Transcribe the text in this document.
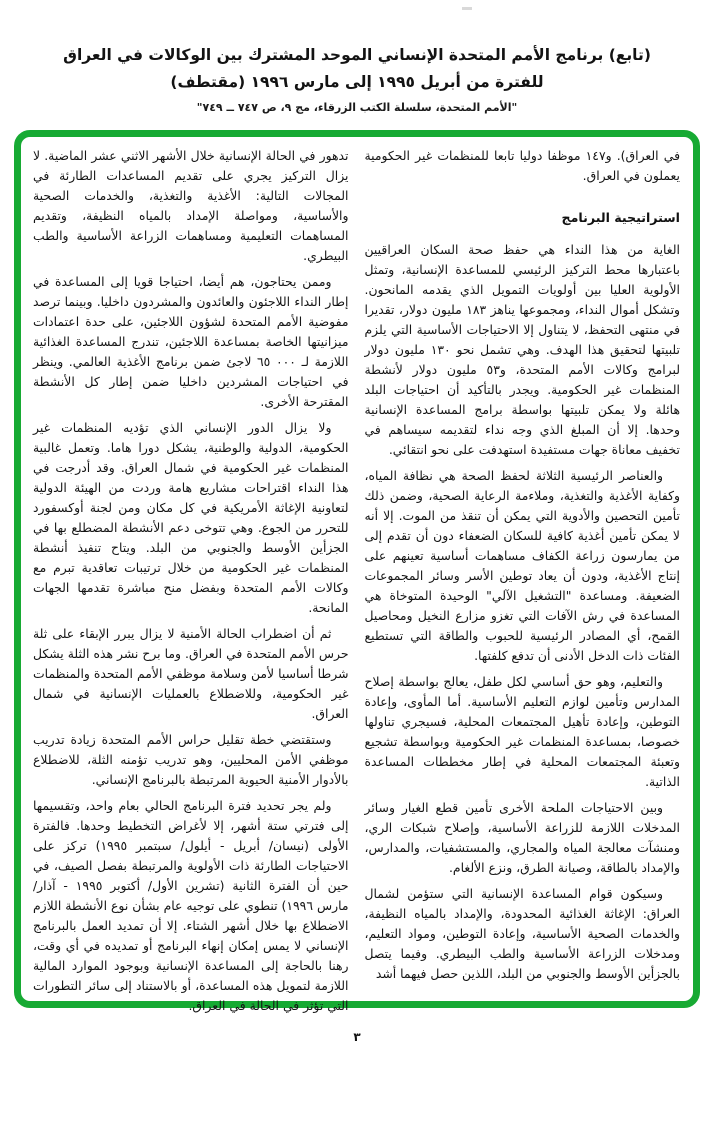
(تابع) برنامج الأمم المتحدة الإنساني الموحد المشترك بين الوكالات في العراق
للفترة من أبريل ١٩٩٥ إلى مارس ١٩٩٦ (مقتطف)
"الأمم المتحدة، سلسلة الكتب الزرقاء، مج ٩، ص ٧٤٧ ــ ٧٤٩"

في العراق). و١٤٧ موظفا دوليا تابعا للمنظمات غير الحكومية يعملون في العراق.

استراتيجية البرنامج

الغاية من هذا النداء هي حفظ صحة السكان العراقيين باعتبارها محط التركيز الرئيسي للمساعدة الإنسانية، وتمثل الأولوية العليا بين أولويات التمويل الذي يقدمه المانحون. وتشكل أموال النداء، ومجموعها يناهز ١٨٣ مليون دولار، تقديرا في منتهى التحفظ، لا يتناول إلا الاحتياجات الأساسية التي يلزم تلبيتها لتحقيق هذا الهدف. وهي تشمل نحو ١٣٠ مليون دولار لبرامج وكالات الأمم المتحدة، و٥٣ مليون دولار لأنشطة المنظمات غير الحكومية. ويجدر بالتأكيد أن احتياجات البلد هائلة ولا يمكن تلبيتها بواسطة برامج المساعدة الإنسانية وحدها. إلا أن المبلغ الذي وجه نداء لتقديمه سيساهم في تخفيف معاناة جهات مستفيدة استهدفت على نحو انتقائي.

والعناصر الرئيسية الثلاثة لحفظ الصحة هي نظافة المياه، وكفاية الأغذية والتغذية، وملاءمة الرعاية الصحية، وضمن ذلك تأمين التحصين والأدوية التي يمكن أن تنقذ من الموت. إلا أنه لا يمكن تأمين أغذية كافية للسكان الضعفاء دون أن تقدم إلى من يمارسون زراعة الكفاف مساهمات أساسية تعينهم على إنتاج الأغذية، ودون أن يعاد توطين الأسر وسائر المجموعات الضعيفة. ومساعدة "التشغيل الآلي" الوحيدة المتوخاة هي المساعدة في رش الآفات التي تغزو مزارع النخيل ومحاصيل القمح، أي المصادر الرئيسية للحبوب والطاقة التي تستطيع الفئات ذات الدخل الأدنى أن تدفع كلفتها.

والتعليم، وهو حق أساسي لكل طفل، يعالج بواسطة إصلاح المدارس وتأمين لوازم التعليم الأساسية. أما المأوى، وإعادة التوطين، وإعادة تأهيل المجتمعات المحلية، فسيجري تناولها خصوصا، بمساعدة المنظمات غير الحكومية وبواسطة تشجيع وتعبئة المجتمعات المحلية في إطار مخططات المساعدة الذاتية.

وبين الاحتياجات الملحة الأخرى تأمين قطع الغيار وسائر المدخلات اللازمة للزراعة الأساسية، وإصلاح شبكات الري، ومنشآت معالجة المياه والمجاري، والمستشفيات، والمدارس، والإمداد بالطاقة، وصيانة الطرق، ونزع الألغام.

وسيكون قوام المساعدة الإنسانية التي ستؤمن لشمال العراق: الإغاثة الغذائية المحدودة، والإمداد بالمياه النظيفة، والخدمات الصحية الأساسية، وإعادة التوطين، ومواد التعليم، ومدخلات الزراعة الأساسية والطب البيطري. وفيما يتصل بالجزأين الأوسط والجنوبي من البلد، اللذين حصل فيهما أشد

تدهور في الحالة الإنسانية خلال الأشهر الاثني عشر الماضية. لا يزال التركيز يجري على تقديم المساعدات الطارئة في المجالات التالية: الأغذية والتغذية، والخدمات الصحية والأساسية، ومواصلة الإمداد بالمياه النظيفة، وتقديم المساهمات التعليمية ومساهمات الزراعة الأساسية والطب البيطري.

وممن يحتاجون، هم أيضا، احتياجا قويا إلى المساعدة في إطار النداء اللاجئون والعائدون والمشردون داخليا. وبينما ترصد مفوضية الأمم المتحدة لشؤون اللاجئين، على حدة اعتمادات ميزانيتها الخاصة بمساعدة اللاجئين، تندرج المساعدة الغذائية اللازمة لـ ٠٠٠ ٦٥ لاجئ ضمن برنامج الأغذية العالمي. وينظر في احتياجات المشردين داخليا ضمن إطار كل الأنشطة المقترحة الأخرى.

ولا يزال الدور الإنساني الذي تؤديه المنظمات غير الحكومية، الدولية والوطنية، يشكل دورا هاما. وتعمل غالبية المنظمات غير الحكومية في شمال العراق. وقد أدرجت في هذا النداء اقتراحات مشاريع هامة وردت من الهيئة الدولية لتعاونية الإغاثة الأمريكية في كل مكان ومن لجنة أوكسفورد للتحرر من الجوع. وهي تتوخى دعم الأنشطة المضطلع بها في الجزأين الأوسط والجنوبي من البلد. ويتاح تنفيذ أنشطة المنظمات غير الحكومية من خلال ترتيبات تعاقدية تبرم مع وكالات الأمم المتحدة وبفضل منح مباشرة تقدمها الجهات المانحة.

ثم أن اضطراب الحالة الأمنية لا يزال يبرر الإبقاء على ثلة حرس الأمم المتحدة في العراق. وما برح نشر هذه الثلة يشكل شرطا أساسيا لأمن وسلامة موظفي الأمم المتحدة والمنظمات غير الحكومية، وللاضطلاع بالعمليات الإنسانية في شمال العراق.

وستقتضي خطة تقليل حراس الأمم المتحدة زيادة تدريب موظفي الأمن المحليين، وهو تدريب تؤمنه الثلة، للاضطلاع بالأدوار الأمنية الحيوية المرتبطة بالبرنامج الإنساني.

ولم يجر تحديد فترة البرنامج الحالي بعام واحد، وتقسيمها إلى فترتي ستة أشهر، إلا لأغراض التخطيط وحدها. فالفترة الأولى (نيسان/ أبريل - أيلول/ سبتمبر ١٩٩٥) تركز على الاحتياجات الطارئة ذات الأولوية والمرتبطة بفصل الصيف، في حين أن الفترة الثانية (تشرين الأول/ أكتوبر ١٩٩٥ - آذار/ مارس ١٩٩٦) تنطوي على توجيه عام بشأن نوع الأنشطة اللازم الاضطلاع بها خلال أشهر الشتاء. إلا أن تمديد العمل بالبرنامج الإنساني لا يمس إمكان إنهاء البرنامج أو تمديده في أي وقت، رهنا بالحاجة إلى المساعدة الإنسانية وبوجود الموارد المالية اللازمة لتمويل هذه المساعدة، أو بالاستناد إلى سائر التطورات التي تؤثر في الحالة في العراق.

٣
